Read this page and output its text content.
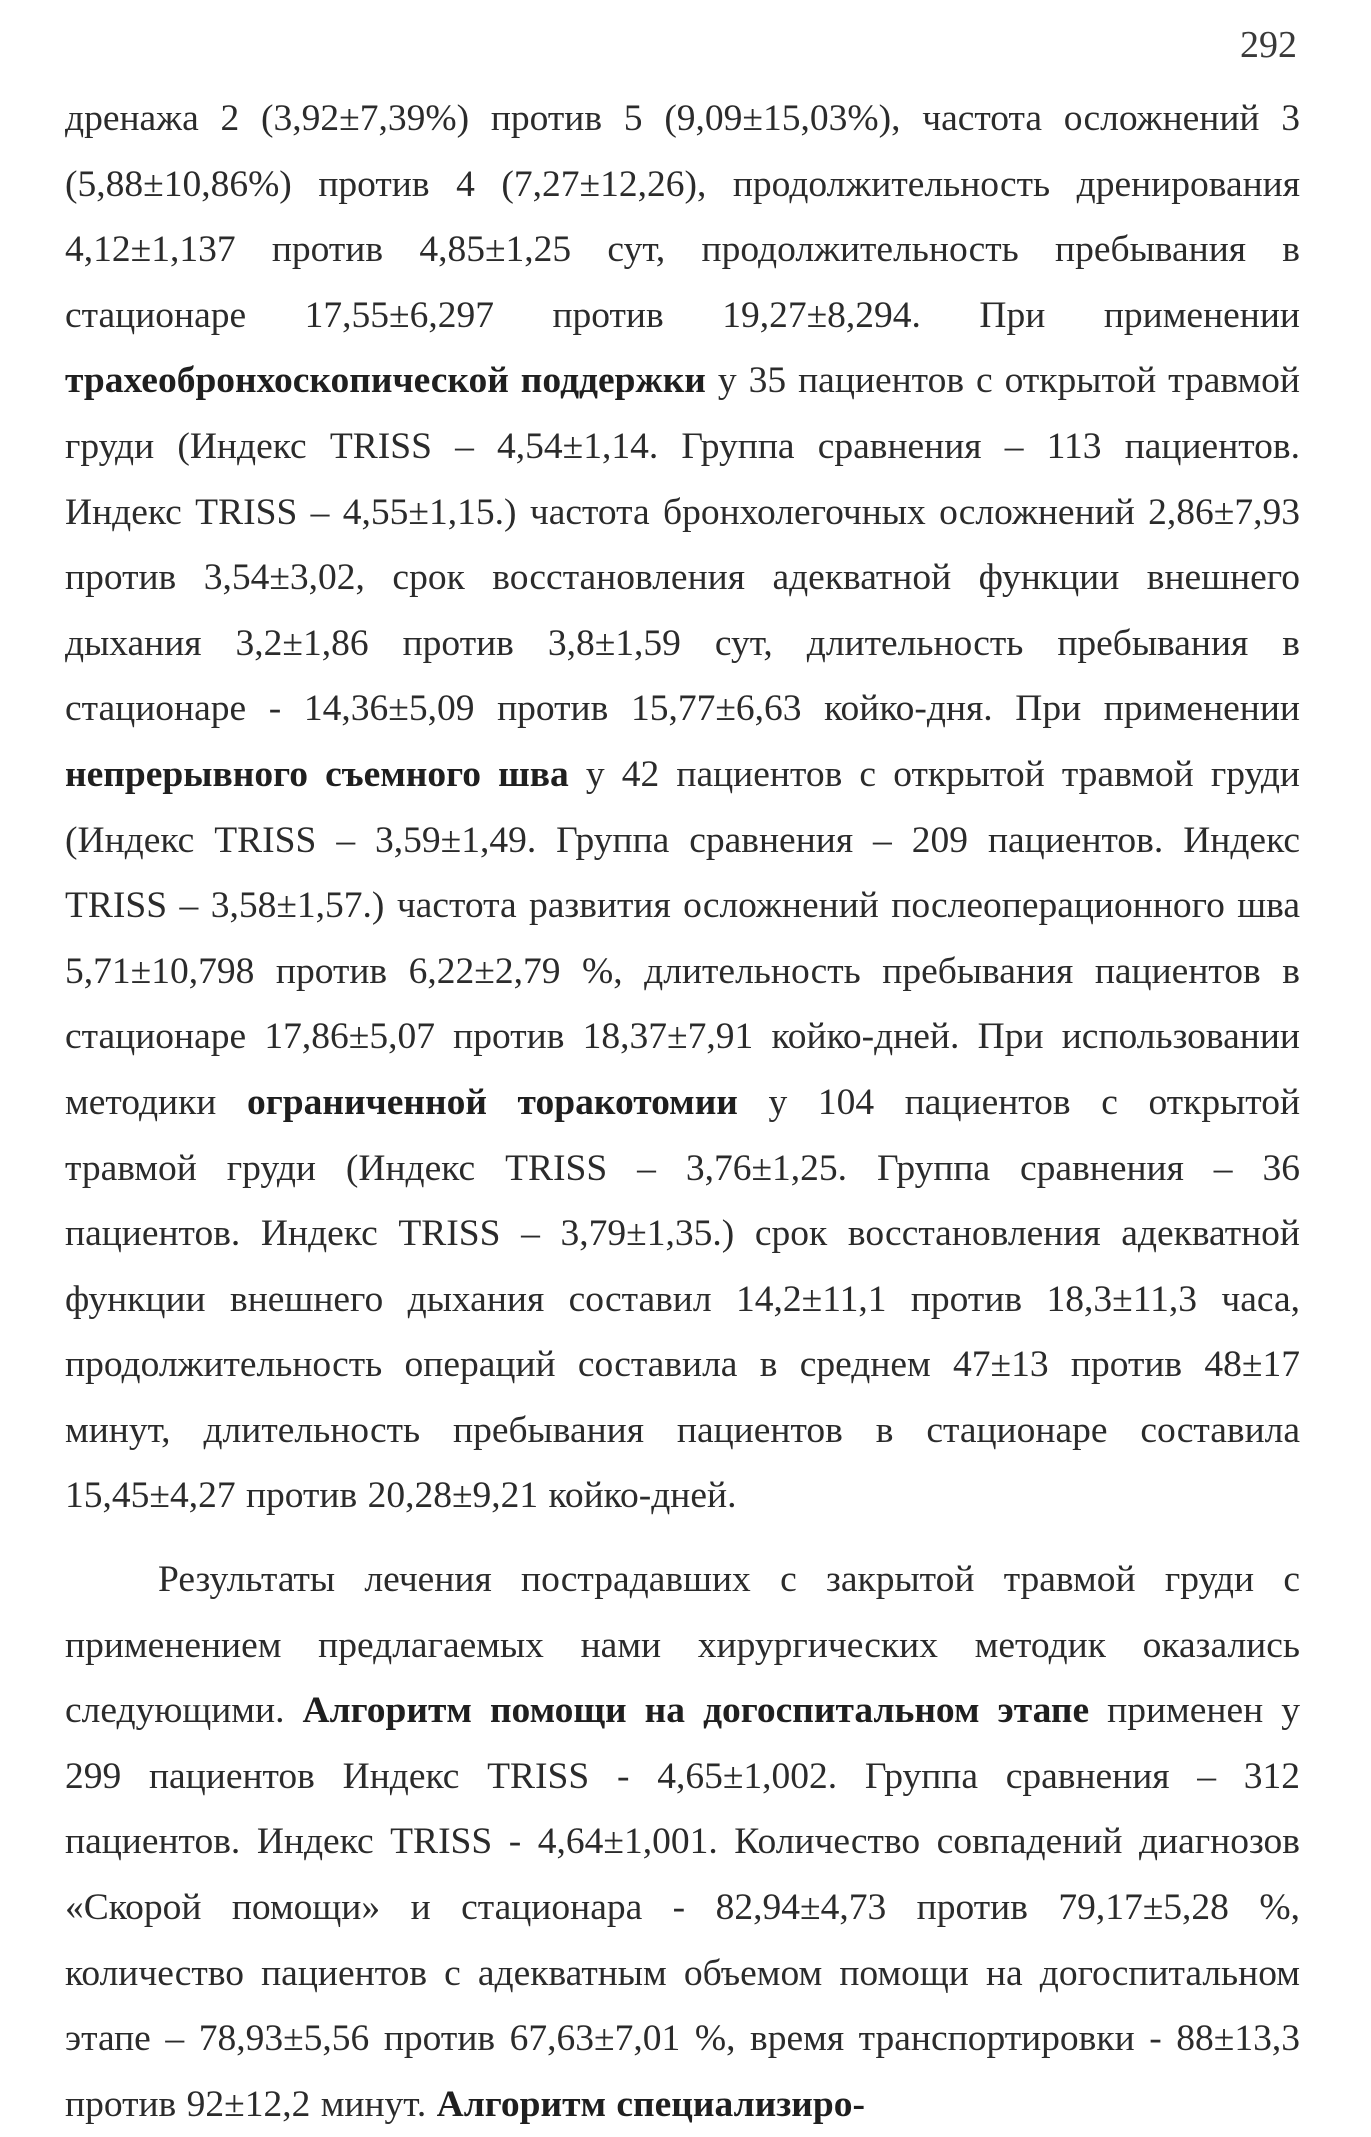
292

дренажа 2 (3,92±7,39%) против 5 (9,09±15,03%), частота осложнений 3 (5,88±10,86%) против 4 (7,27±12,26), продолжительность дренирования 4,12±1,137 против 4,85±1,25 сут, продолжительность пребывания в стационаре 17,55±6,297 против 19,27±8,294. При применении трахеобронхоскопической поддержки у 35 пациентов с открытой травмой груди (Индекс TRISS – 4,54±1,14. Группа сравнения – 113 пациентов. Индекс TRISS – 4,55±1,15.) частота бронхолегочных осложнений 2,86±7,93 против 3,54±3,02, срок восстановления адекватной функции внешнего дыхания 3,2±1,86 против 3,8±1,59 сут, длительность пребывания в стационаре - 14,36±5,09 против 15,77±6,63 койко-дня. При применении непрерывного съемного шва у 42 пациентов с открытой травмой груди (Индекс TRISS – 3,59±1,49. Группа сравнения – 209 пациентов. Индекс TRISS – 3,58±1,57.) частота развития осложнений послеоперационного шва 5,71±10,798 против 6,22±2,79 %, длительность пребывания пациентов в стационаре 17,86±5,07 против 18,37±7,91 койко-дней. При использовании методики ограниченной торакотомии у 104 пациентов с открытой травмой груди (Индекс TRISS – 3,76±1,25. Группа сравнения – 36 пациентов. Индекс TRISS – 3,79±1,35.) срок восстановления адекватной функции внешнего дыхания составил 14,2±11,1 против 18,3±11,3 часа, продолжительность операций составила в среднем 47±13 против 48±17 минут, длительность пребывания пациентов в стационаре составила 15,45±4,27 против 20,28±9,21 койко-дней.

Результаты лечения пострадавших с закрытой травмой груди с применением предлагаемых нами хирургических методик оказались следующими. Алгоритм помощи на догоспитальном этапе применен у 299 пациентов Индекс TRISS - 4,65±1,002. Группа сравнения – 312 пациентов. Индекс TRISS - 4,64±1,001. Количество совпадений диагнозов «Скорой помощи» и стационара - 82,94±4,73 против 79,17±5,28 %, количество пациентов с адекватным объемом помощи на догоспитальном этапе – 78,93±5,56 против 67,63±7,01 %, время транспортировки - 88±13,3 против 92±12,2 минут. Алгоритм специализиро-
